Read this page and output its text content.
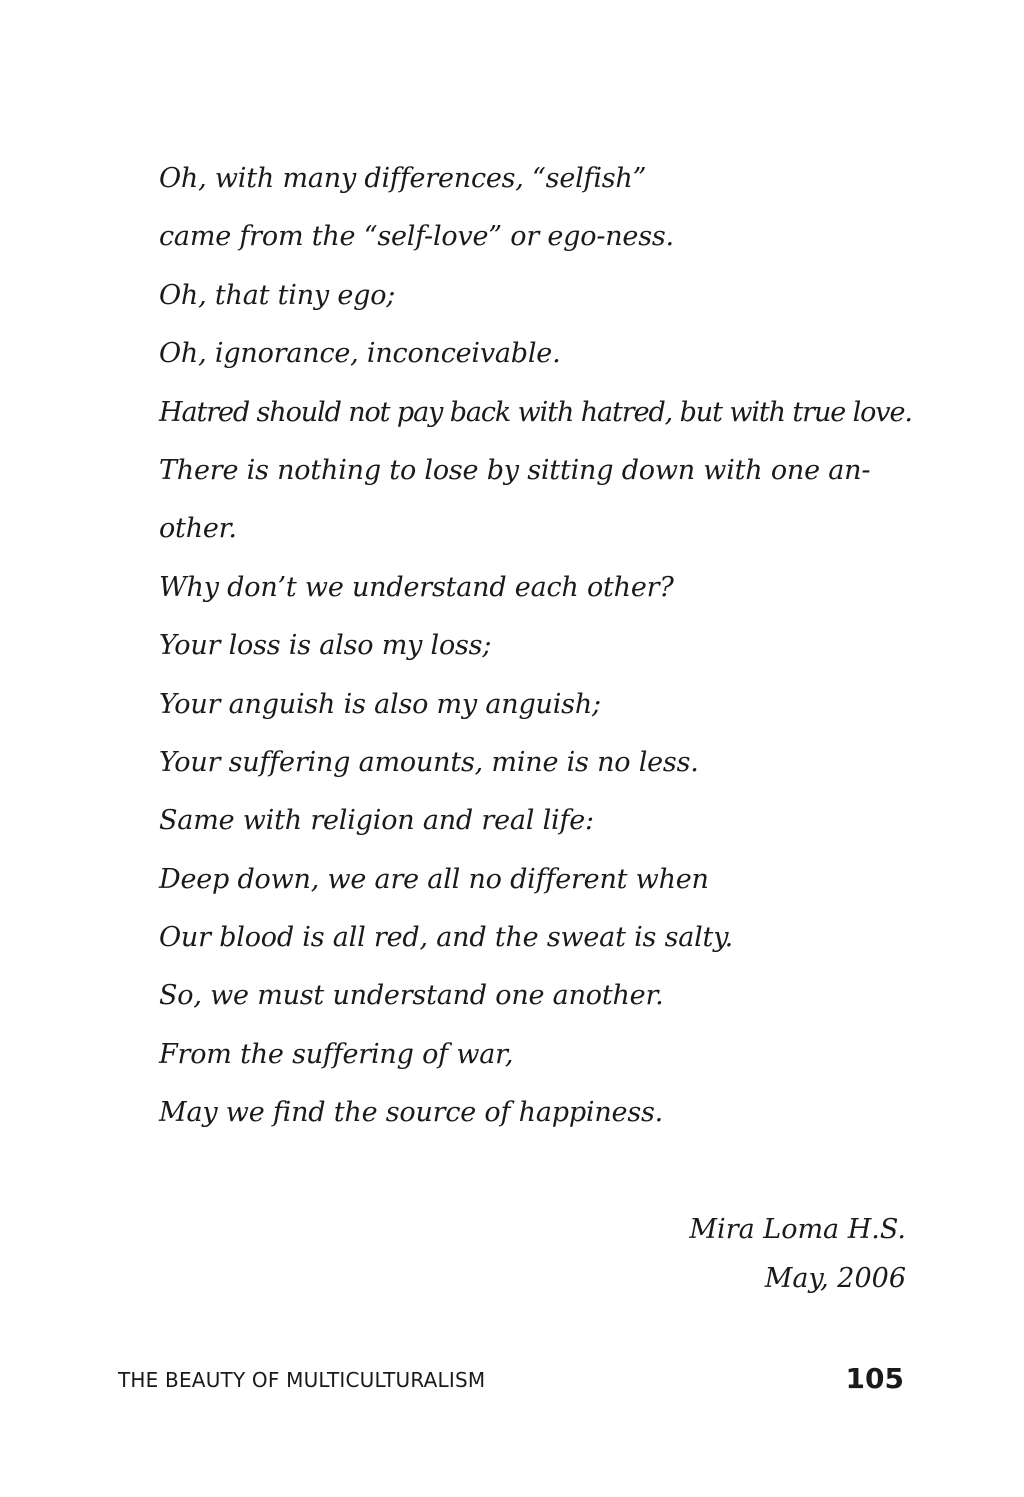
Oh, with many differences, “selfish”
came from the “self-love” or ego-ness.
Oh, that tiny ego;
Oh, ignorance, inconceivable.
Hatred should not pay back with hatred, but with true love.
There is nothing to lose by sitting down with one an-
other.
Why don’t we understand each other?
Your loss is also my loss;
Your anguish is also my anguish;
Your suffering amounts, mine is no less.
Same with religion and real life:
Deep down, we are all no different when
Our blood is all red, and the sweat is salty.
So, we must understand one another.
From the suffering of war,
May we find the source of happiness.
Mira Loma H.S.
May, 2006
THE BEAUTY OF MULTICULTURALISM	105
